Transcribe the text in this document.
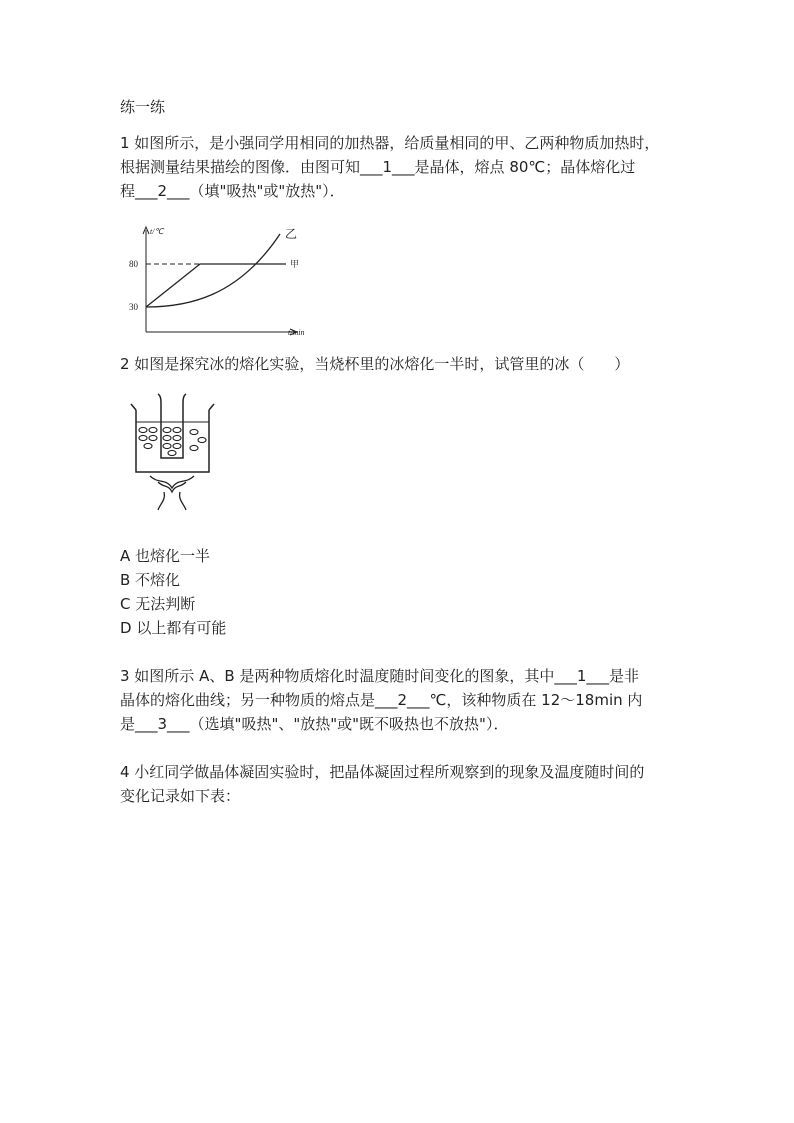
练一练
1 如图所示，是小强同学用相同的加热器，给质量相同的甲、乙两种物质加热时，
根据测量结果描绘的图像．由图可知___1___是晶体，熔点 80℃；晶体熔化过
程___2___（填"吸热"或"放热"）．
t/℃
t/min
80
30
甲
乙
2 如图是探究冰的熔化实验，当烧杯里的冰熔化一半时，试管里的冰（　　）
A 也熔化一半
B 不熔化
C 无法判断
D 以上都有可能
3 如图所示 A、B 是两种物质熔化时温度随时间变化的图象，其中___1___是非
晶体的熔化曲线；另一种物质的熔点是___2___℃，该种物质在 12～18min 内
是___3___（选填"吸热"、"放热"或"既不吸热也不放热"）．
4 小红同学做晶体凝固实验时，把晶体凝固过程所观察到的现象及温度随时间的
变化记录如下表：
